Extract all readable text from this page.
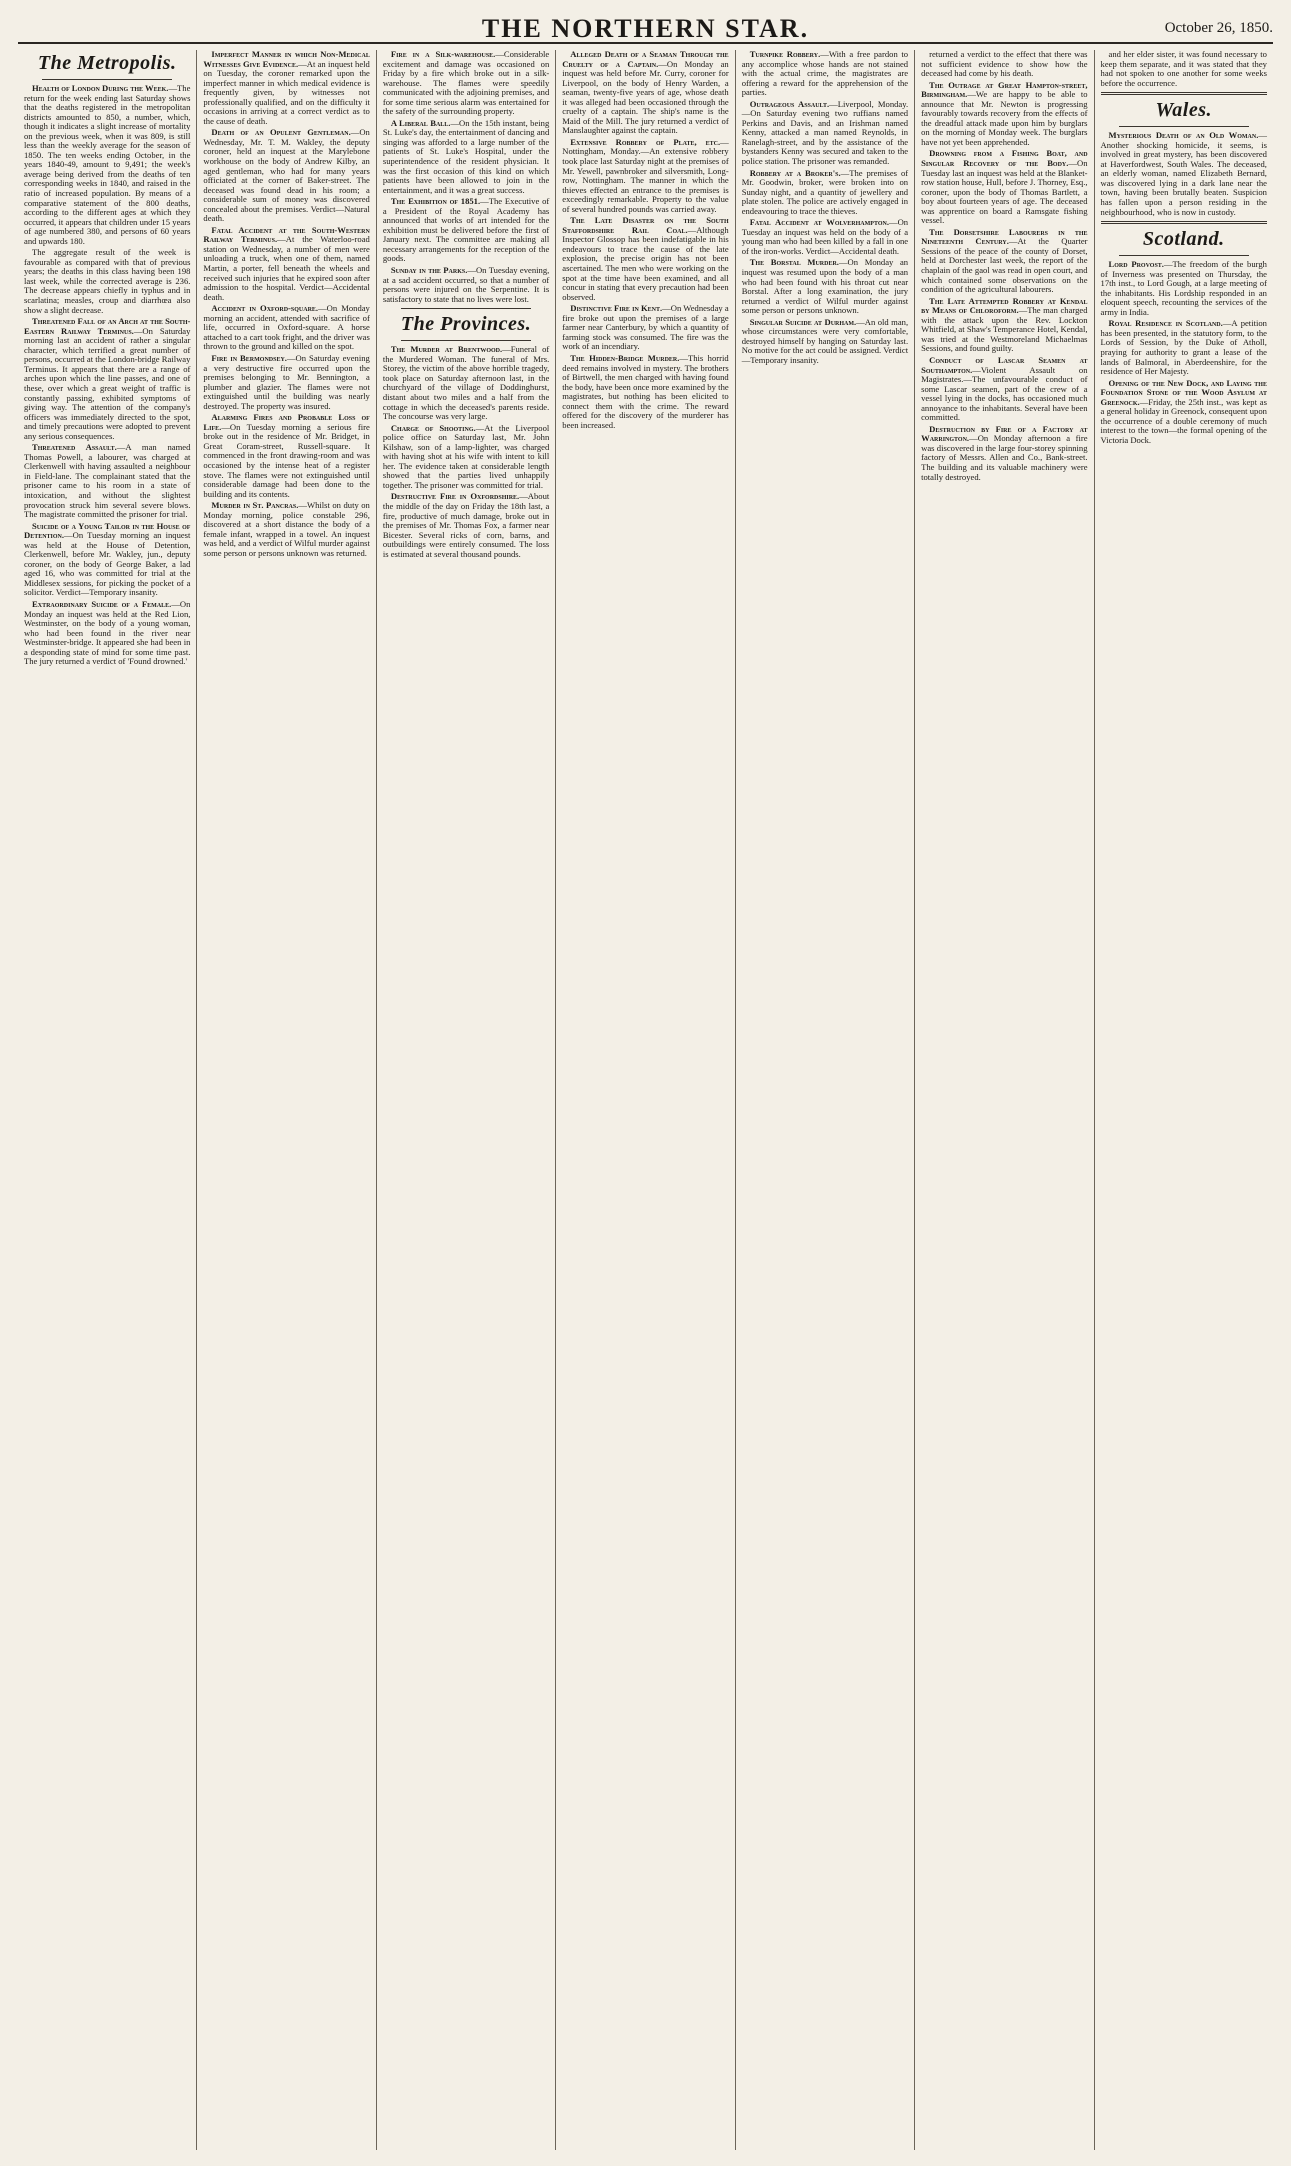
THE NORTHERN STAR.	October 26, 1850.
The Metropolis.

Health of London During the Week.—The return for the week ending last Saturday shows that the deaths registered in the metropolitan districts amounted to 850, a number, which, though it indicates a slight increase of mortality on the previous week, when it was 809, is still less than the weekly average for the season of 1850. The ten weeks ending October, in the years 1840-49, amount to 9,491; the week's average being derived from the deaths of ten corresponding weeks in 1840, and raised in the ratio of increased population. By means of a comparative statement of the 800 deaths, according to the different ages at which they occurred, it appears that children under 15 years of age numbered 380, and persons of 60 years and upwards 180.

The aggregate result of the week is favourable as compared with that of previous years; the deaths in this class having been 198 last week, while the corrected average is 236. The decrease appears chiefly in typhus and in scarlatina; measles, croup and diarrhœa also show a slight decrease.

Threatened Fall of an Arch at the South-Eastern Railway Terminus.—On Saturday morning last an accident of rather a singular character, which terrified a great number of persons, occurred at the London-bridge Railway Terminus. It appears that there are a range of arches upon which the line passes, and one of these, over which a great weight of traffic is constantly passing, exhibited symptoms of giving way. The attention of the company's officers was immediately directed to the spot, and timely precautions were adopted to prevent any serious consequences.

Threatened Assault.—A man named Thomas Powell, a labourer, was charged at Clerkenwell with having assaulted a neighbour in Field-lane. The complainant stated that the prisoner came to his room in a state of intoxication, and without the slightest provocation struck him several severe blows. The magistrate committed the prisoner for trial.

Suicide of a Young Tailor in the House of Detention.—On Tuesday morning an inquest was held at the House of Detention, Clerkenwell, before Mr. Wakley, jun., deputy coroner, on the body of George Baker, a lad aged 16, who was committed for trial at the Middlesex sessions, for picking the pocket of a solicitor. Verdict—Temporary insanity.

Extraordinary Suicide of a Female.—On Monday an inquest was held at the Red Lion, Westminster, on the body of a young woman, who had been found in the river near Westminster-bridge. It appeared she had been in a desponding state of mind for some time past. The jury returned a verdict of 'Found drowned.'

Imperfect Manner in which Non-Medical Witnesses Give Evidence.—At an inquest held on Tuesday, the coroner remarked upon the imperfect manner in which medical evidence is frequently given, by witnesses not professionally qualified, and on the difficulty it occasions in arriving at a correct verdict as to the cause of death.

Death of an Opulent Gentleman.—On Wednesday, Mr. T. M. Wakley, the deputy coroner, held an inquest at the Marylebone workhouse on the body of Andrew Kilby, an aged gentleman, who had for many years officiated at the corner of Baker-street. The deceased was found dead in his room; a considerable sum of money was discovered concealed about the premises. Verdict—Natural death.

Fatal Accident at the South-Western Railway Terminus.—At the Waterloo-road station on Wednesday, a number of men were unloading a truck, when one of them, named Martin, a porter, fell beneath the wheels and received such injuries that he expired soon after admission to the hospital. Verdict—Accidental death.

Accident in Oxford-square.—On Monday morning an accident, attended with sacrifice of life, occurred in Oxford-square. A horse attached to a cart took fright, and the driver was thrown to the ground and killed on the spot.

Fire in Bermondsey.—On Saturday evening a very destructive fire occurred upon the premises belonging to Mr. Bennington, a plumber and glazier. The flames were not extinguished until the building was nearly destroyed. The property was insured.

Alarming Fires and Probable Loss of Life.—On Tuesday morning a serious fire broke out in the residence of Mr. Bridget, in Great Coram-street, Russell-square. It commenced in the front drawing-room and was occasioned by the intense heat of a register stove. The flames were not extinguished until considerable damage had been done to the building and its contents.

Murder in St. Pancras.—Whilst on duty on Monday morning, police constable 296, discovered at a short distance the body of a female infant, wrapped in a towel. An inquest was held, and a verdict of Wilful murder against some person or persons unknown was returned.

Fire in a Silk-warehouse.—Considerable excitement and damage was occasioned on Friday by a fire which broke out in a silk-warehouse. The flames were speedily communicated with the adjoining premises, and for some time serious alarm was entertained for the safety of the surrounding property.

A Liberal Ball.—On the 15th instant, being St. Luke's day, the entertainment of dancing and singing was afforded to a large number of the patients of St. Luke's Hospital, under the superintendence of the resident physician. It was the first occasion of this kind on which patients have been allowed to join in the entertainment, and it was a great success.

The Exhibition of 1851.—The Executive of a President of the Royal Academy has announced that works of art intended for the exhibition must be delivered before the first of January next. The committee are making all necessary arrangements for the reception of the goods.

Sunday in the Parks.—On Tuesday evening, at a sad accident occurred, so that a number of persons were injured on the Serpentine. It is satisfactory to state that no lives were lost.

The Provinces.

The Murder at Brentwood.—Funeral of the Murdered Woman. The funeral of Mrs. Storey, the victim of the above horrible tragedy, took place on Saturday afternoon last, in the churchyard of the village of Doddinghurst, distant about two miles and a half from the cottage in which the deceased's parents reside. The concourse was very large.

Charge of Shooting.—At the Liverpool police office on Saturday last, Mr. John Kilshaw, son of a lamp-lighter, was charged with having shot at his wife with intent to kill her. The evidence taken at considerable length showed that the parties lived unhappily together. The prisoner was committed for trial.

Destructive Fire in Oxfordshire.—About the middle of the day on Friday the 18th last, a fire, productive of much damage, broke out in the premises of Mr. Thomas Fox, a farmer near Bicester. Several ricks of corn, barns, and outbuildings were entirely consumed. The loss is estimated at several thousand pounds.

Alleged Death of a Seaman Through the Cruelty of a Captain.—On Monday an inquest was held before Mr. Curry, coroner for Liverpool, on the body of Henry Warden, a seaman, twenty-five years of age, whose death it was alleged had been occasioned through the cruelty of a captain. The ship's name is the Maid of the Mill. The jury returned a verdict of Manslaughter against the captain.

Extensive Robbery of Plate, etc.—Nottingham, Monday.—An extensive robbery took place last Saturday night at the premises of Mr. Yewell, pawnbroker and silversmith, Long-row, Nottingham. The manner in which the thieves effected an entrance to the premises is exceedingly remarkable. Property to the value of several hundred pounds was carried away.

The Late Disaster on the South Staffordshire Rail Coal.—Although Inspector Glossop has been indefatigable in his endeavours to trace the cause of the late explosion, the precise origin has not been ascertained. The men who were working on the spot at the time have been examined, and all concur in stating that every precaution had been observed.

Distinctive Fire in Kent.—On Wednesday a fire broke out upon the premises of a large farmer near Canterbury, by which a quantity of farming stock was consumed. The fire was the work of an incendiary.

The Hidden-Bridge Murder.—This horrid deed remains involved in mystery. The brothers of Birtwell, the men charged with having found the body, have been once more examined by the magistrates, but nothing has been elicited to connect them with the crime. The reward offered for the discovery of the murderer has been increased.

Turnpike Robbery.—With a free pardon to any accomplice whose hands are not stained with the actual crime, the magistrates are offering a reward for the apprehension of the parties.

Outrageous Assault.—Liverpool, Monday.—On Saturday evening two ruffians named Perkins and Davis, and an Irishman named Kenny, attacked a man named Reynolds, in Ranelagh-street, and by the assistance of the bystanders Kenny was secured and taken to the police station. The prisoner was remanded.

Robbery at a Broker's.—The premises of Mr. Goodwin, broker, were broken into on Sunday night, and a quantity of jewellery and plate stolen. The police are actively engaged in endeavouring to trace the thieves.

Fatal Accident at Wolverhampton.—On Tuesday an inquest was held on the body of a young man who had been killed by a fall in one of the iron-works. Verdict—Accidental death.

The Borstal Murder.—On Monday an inquest was resumed upon the body of a man who had been found with his throat cut near Borstal. After a long examination, the jury returned a verdict of Wilful murder against some person or persons unknown.

Singular Suicide at Durham.—An old man, whose circumstances were very comfortable, destroyed himself by hanging on Saturday last. No motive for the act could be assigned. Verdict—Temporary insanity.

returned a verdict to the effect that there was not sufficient evidence to show how the deceased had come by his death.

The Outrage at Great Hampton-street, Birmingham.—We are happy to be able to announce that Mr. Newton is progressing favourably towards recovery from the effects of the dreadful attack made upon him by burglars on the morning of Monday week. The burglars have not yet been apprehended.

Drowning from a Fishing Boat, and Singular Recovery of the Body.—On Tuesday last an inquest was held at the Blanket-row station house, Hull, before J. Thorney, Esq., coroner, upon the body of Thomas Bartlett, a boy about fourteen years of age. The deceased was apprentice on board a Ramsgate fishing vessel.

The Dorsetshire Labourers in the Nineteenth Century.—At the Quarter Sessions of the peace of the county of Dorset, held at Dorchester last week, the report of the chaplain of the gaol was read in open court, and which contained some observations on the condition of the agricultural labourers.

The Late Attempted Robbery at Kendal by Means of Chloroform.—The man charged with the attack upon the Rev. Lockton Whitfield, at Shaw's Temperance Hotel, Kendal, was tried at the Westmoreland Michaelmas Sessions, and found guilty.

Conduct of Lascar Seamen at Southampton.—Violent Assault on Magistrates.—The unfavourable conduct of some Lascar seamen, part of the crew of a vessel lying in the docks, has occasioned much annoyance to the inhabitants. Several have been committed.

Destruction by Fire of a Factory at Warrington.—On Monday afternoon a fire was discovered in the large four-storey spinning factory of Messrs. Allen and Co., Bank-street. The building and its valuable machinery were totally destroyed.

and her elder sister, it was found necessary to keep them separate, and it was stated that they had not spoken to one another for some weeks before the occurrence.

Wales.

Mysterious Death of an Old Woman.—Another shocking homicide, it seems, is involved in great mystery, has been discovered at Haverfordwest, South Wales. The deceased, an elderly woman, named Elizabeth Bernard, was discovered lying in a dark lane near the town, having been brutally beaten. Suspicion has fallen upon a person residing in the neighbourhood, who is now in custody.

Scotland.

Lord Provost.—The freedom of the burgh of Inverness was presented on Thursday, the 17th inst., to Lord Gough, at a large meeting of the inhabitants. His Lordship responded in an eloquent speech, recounting the services of the army in India.

Royal Residence in Scotland.—A petition has been presented, in the statutory form, to the Lords of Session, by the Duke of Atholl, praying for authority to grant a lease of the lands of Balmoral, in Aberdeenshire, for the residence of Her Majesty.

Opening of the New Dock, and Laying the Foundation Stone of the Wood Asylum at Greenock.—Friday, the 25th inst., was kept as a general holiday in Greenock, consequent upon the occurrence of a double ceremony of much interest to the town—the formal opening of the Victoria Dock.
